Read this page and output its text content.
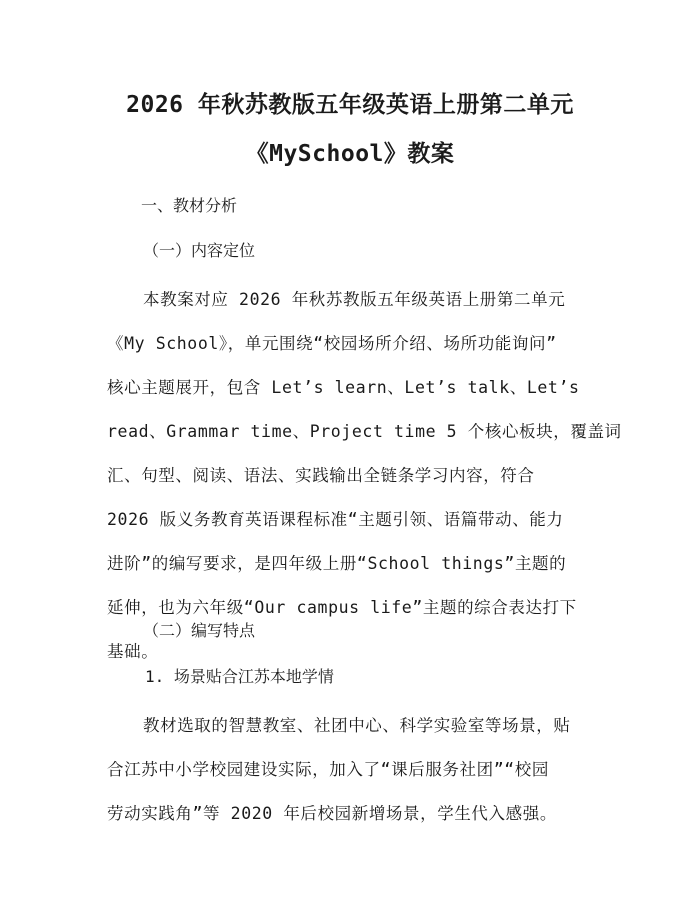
2026 年秋苏教版五年级英语上册第二单元
《MySchool》教案
一、教材分析
（一）内容定位
本教案对应 2026 年秋苏教版五年级英语上册第二单元
《My School》，单元围绕“校园场所介绍、场所功能询问”
核心主题展开，包含 Let’s learn、Let’s talk、Let’s
read、Grammar time、Project time 5 个核心板块，覆盖词
汇、句型、阅读、语法、实践输出全链条学习内容，符合
2026 版义务教育英语课程标准“主题引领、语篇带动、能力
进阶”的编写要求，是四年级上册“School things”主题的
延伸，也为六年级“Our campus life”主题的综合表达打下
基础。
（二）编写特点
1. 场景贴合江苏本地学情
教材选取的智慧教室、社团中心、科学实验室等场景，贴
合江苏中小学校园建设实际，加入了“课后服务社团”“校园
劳动实践角”等 2020 年后校园新增场景，学生代入感强。
